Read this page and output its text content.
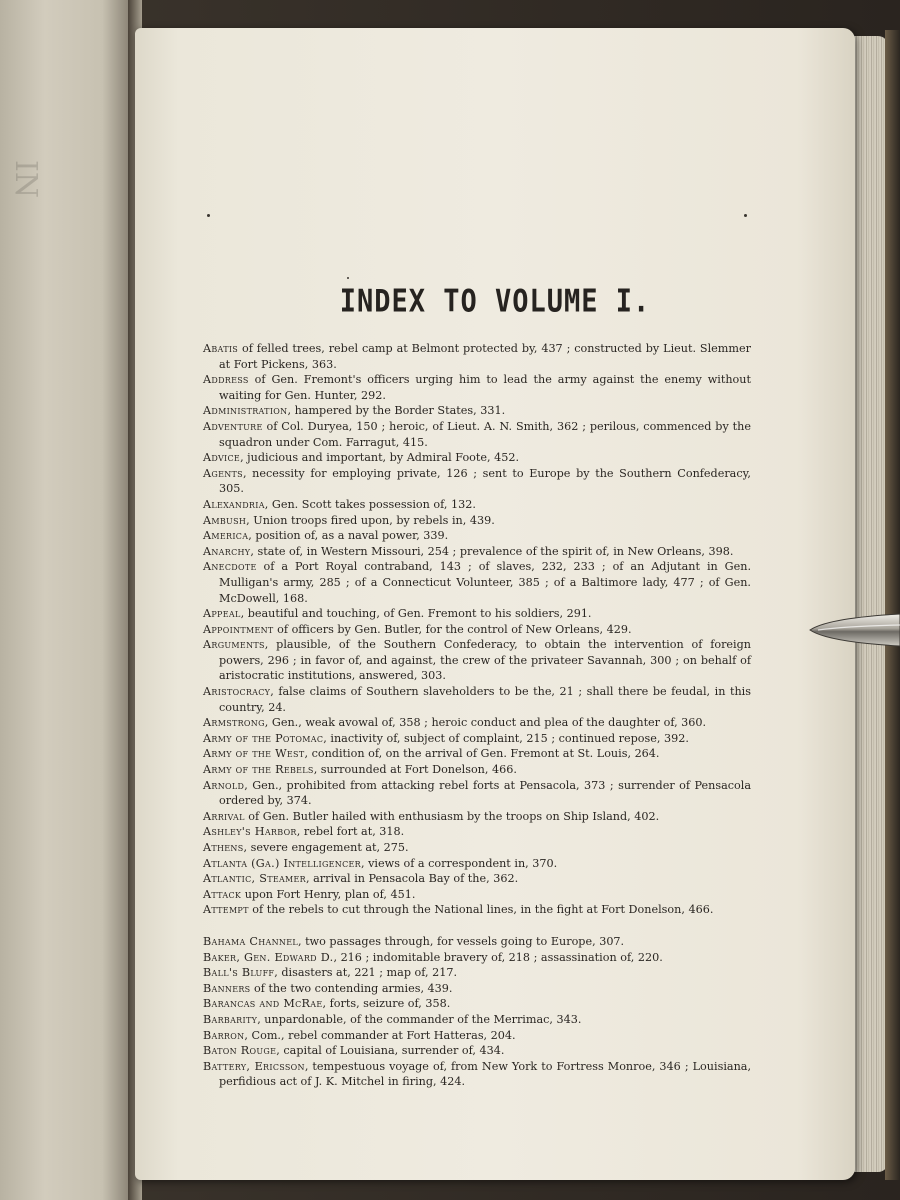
IN
INDEX TO VOLUME I.
Abatis of felled trees, rebel camp at Belmont protected by, 437 ; constructed by Lieut. Slemmer at Fort Pickens, 363.
Address of Gen. Fremont's officers urging him to lead the army against the enemy without waiting for Gen. Hunter, 292.
Administration, hampered by the Border States, 331.
Adventure of Col. Duryea, 150 ; heroic, of Lieut. A. N. Smith, 362 ; perilous, commenced by the squadron under Com. Farragut, 415.
Advice, judicious and important, by Admiral Foote, 452.
Agents, necessity for employing private, 126 ; sent to Europe by the Southern Confederacy, 305.
Alexandria, Gen. Scott takes possession of, 132.
Ambush, Union troops fired upon, by rebels in, 439.
America, position of, as a naval power, 339.
Anarchy, state of, in Western Missouri, 254 ; prevalence of the spirit of, in New Orleans, 398.
Anecdote of a Port Royal contraband, 143 ; of slaves, 232, 233 ; of an Adjutant in Gen. Mulligan's army, 285 ; of a Connecticut Volunteer, 385 ; of a Baltimore lady, 477 ; of Gen. McDowell, 168.
Appeal, beautiful and touching, of Gen. Fremont to his soldiers, 291.
Appointment of officers by Gen. Butler, for the control of New Orleans, 429.
Arguments, plausible, of the Southern Confederacy, to obtain the intervention of foreign powers, 296 ; in favor of, and against, the crew of the privateer Savannah, 300 ; on behalf of aristocratic institutions, answered, 303.
Aristocracy, false claims of Southern slaveholders to be the, 21 ; shall there be feudal, in this country, 24.
Armstrong, Gen., weak avowal of, 358 ; heroic conduct and plea of the daughter of, 360.
Army of the Potomac, inactivity of, subject of complaint, 215 ; continued repose, 392.
Army of the West, condition of, on the arrival of Gen. Fremont at St. Louis, 264.
Army of the Rebels, surrounded at Fort Donelson, 466.
Arnold, Gen., prohibited from attacking rebel forts at Pensacola, 373 ; surrender of Pensacola ordered by, 374.
Arrival of Gen. Butler hailed with enthusiasm by the troops on Ship Island, 402.
Ashley's Harbor, rebel fort at, 318.
Athens, severe engagement at, 275.
Atlanta (Ga.) Intelligencer, views of a correspondent in, 370.
Atlantic, Steamer, arrival in Pensacola Bay of the, 362.
Attack upon Fort Henry, plan of, 451.
Attempt of the rebels to cut through the National lines, in the fight at Fort Donelson, 466.
Bahama Channel, two passages through, for vessels going to Europe, 307.
Baker, Gen. Edward D., 216 ; indomitable bravery of, 218 ; assassination of, 220.
Ball's Bluff, disasters at, 221 ; map of, 217.
Banners of the two contending armies, 439.
Barancas and McRae, forts, seizure of, 358.
Barbarity, unpardonable, of the commander of the Merrimac, 343.
Barron, Com., rebel commander at Fort Hatteras, 204.
Baton Rouge, capital of Louisiana, surrender of, 434.
Battery, Ericsson, tempestuous voyage of, from New York to Fortress Monroe, 346 ; Louisiana, perfidious act of J. K. Mitchel in firing, 424.
